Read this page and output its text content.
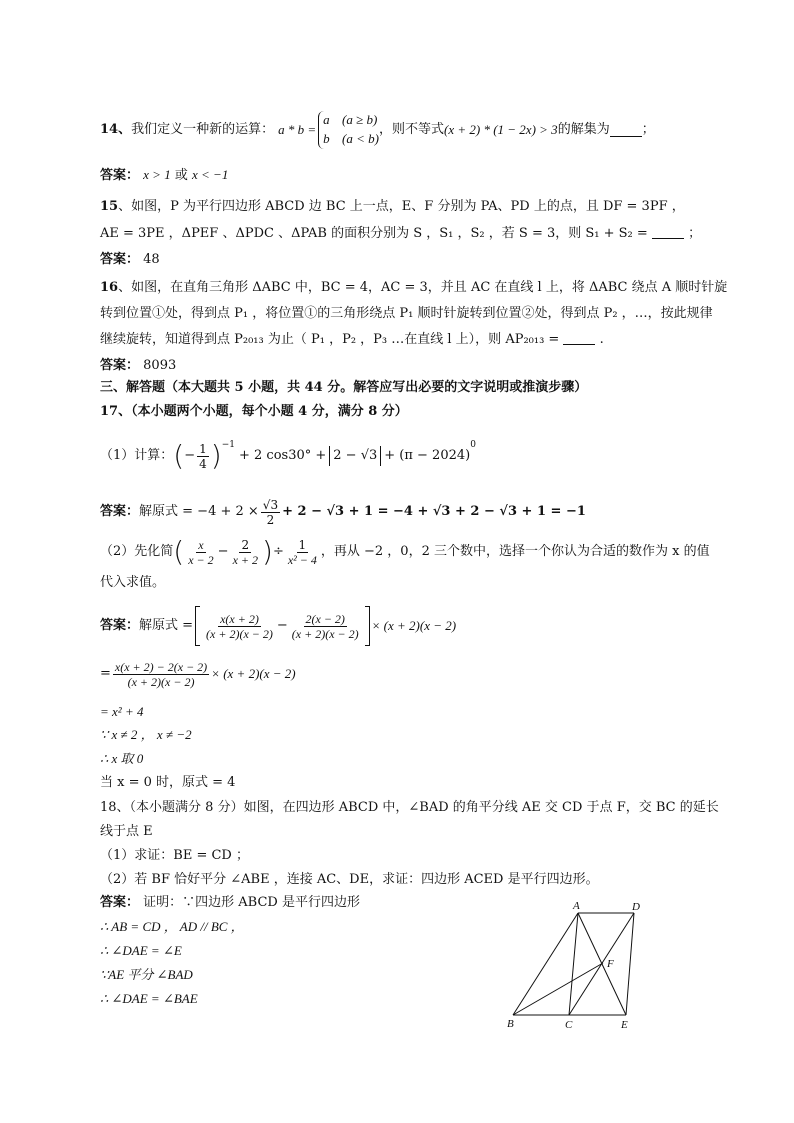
14、 我们定义一种新的运算： a * b =
a (a ≥ b)
b (a < b)
，则不等式 (x + 2) * (1 − 2x) > 3 的解集为 ；
答案： x > 1 或 x < −1
15、如图，P 为平行四边形 ABCD 边 BC 上一点，E、F 分别为 PA、PD 上的点，且 DF = 3PF ，
AE = 3PE ，ΔPEF 、ΔPDC 、ΔPAB 的面积分别为 S ，S₁ ，S₂ ，若 S = 3，则 S₁ + S₂ =	；
答案： 48
16、如图，在直角三角形 ΔABC 中，BC = 4，AC = 3，并且 AC 在直线 l 上，将 ΔABC 绕点 A 顺时针旋
转到位置①处，得到点 P₁ ，将位置①的三角形绕点 P₁ 顺时针旋转到位置②处，得到点 P₂ ，…，按此规律
继续旋转，知道得到点 P₂₀₁₃ 为止（ P₁ ，P₂ ，P₃ …在直线 l 上），则 AP₂₀₁₃ =	.
答案： 8093
三、解答题（本大题共 5 小题，共 44 分。解答应写出必要的文字说明或推演步骤）
17、（本小题两个小题，每个小题 4 分，满分 8 分）
（1）计算： ( − $\frac{1}{4} )^{-1}$
+ 2 cos30° + 2 − √3 + (π − 2024)
$^0$
答案： 解原式 = $-4 + 2 \times \frac{√3}{2} + 2 - √3 + 1 = -4 + √3 + 2 - √3 + 1 = -1$
（2）先化简 ( $\frac{x}{x - 2} - \frac{2}{x + 2}$ ) ÷ $\frac{1}{\text{x² − 4}}$ ，再从 −2 ，0，2 三个数中，选择一个你认为合适的数作为 x 的值
代入求值。
答案： 解原式 = $\frac{x(x + 2)}{(x + 2)(x - 2)} - \frac{2(x - 2)}{(x + 2)(x - 2)} \times (x + 2)(x - 2)$
= $\frac{x(x + 2) - 2(x - 2)}{(x + 2)(x - 2)} \times (x + 2)(x - 2)$
= x² + 4
∵ x ≠ 2 ， x ≠ −2
∴ x 取 0
当 x = 0 时，原式 = 4
18、（本小题满分 8 分）如图，在四边形 ABCD 中，∠BAD 的角平分线 AE 交 CD 于点 F，交 BC 的延长
线于点 E
（1）求证：BE = CD ；
（2）若 BF 恰好平分 ∠ABE ，连接 AC、DE，求证：四边形 ACED 是平行四边形。
答案： 证明：∵四边形 ABCD 是平行四边形
∴ AB = CD ， AD // BC ，
∴ ∠DAE = ∠E
∵AE 平分 ∠BAD
∴ ∠DAE = ∠BAE
A	D
F
B	C	E
